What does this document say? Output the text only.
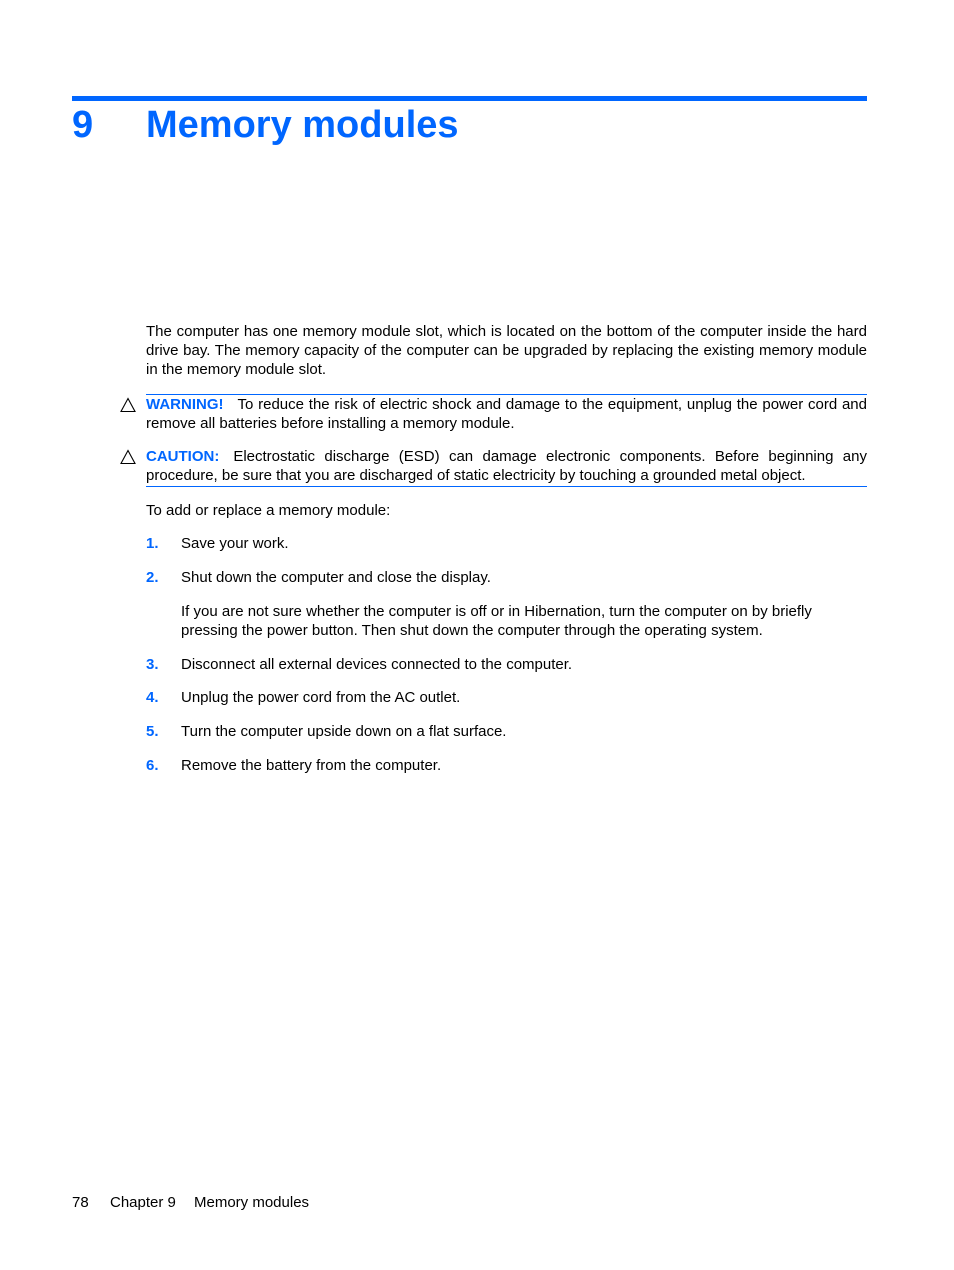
9 Memory modules

The computer has one memory module slot, which is located on the bottom of the computer inside the hard drive bay. The memory capacity of the computer can be upgraded by replacing the existing memory module in the memory module slot.

WARNING! To reduce the risk of electric shock and damage to the equipment, unplug the power cord and remove all batteries before installing a memory module.
CAUTION: Electrostatic discharge (ESD) can damage electronic components. Before beginning any procedure, be sure that you are discharged of static electricity by touching a grounded metal object.

To add or replace a memory module:

1. Save your work.
2. Shut down the computer and close the display.
If you are not sure whether the computer is off or in Hibernation, turn the computer on by briefly pressing the power button. Then shut down the computer through the operating system.
3. Disconnect all external devices connected to the computer.
4. Unplug the power cord from the AC outlet.
5. Turn the computer upside down on a flat surface.
6. Remove the battery from the computer.
78 Chapter 9 Memory modules
